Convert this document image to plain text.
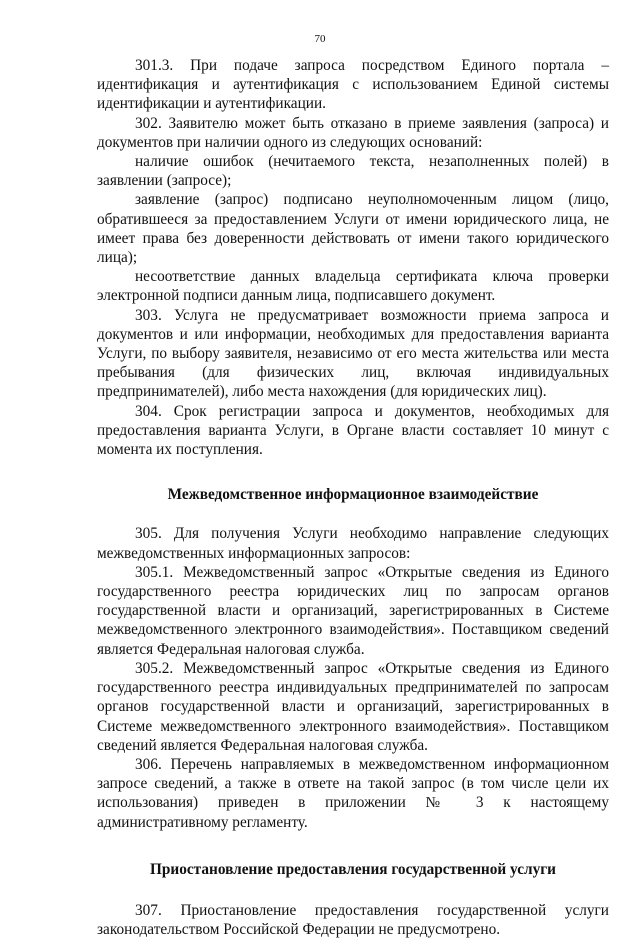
70

301.3. При подаче запроса посредством Единого портала – идентификация и аутентификация с использованием Единой системы идентификации и аутентификации.

302. Заявителю может быть отказано в приеме заявления (запроса) и документов при наличии одного из следующих оснований:

наличие ошибок (нечитаемого текста, незаполненных полей) в заявлении (запросе);

заявление (запрос) подписано неуполномоченным лицом (лицо, обратившееся за предоставлением Услуги от имени юридического лица, не имеет права без доверенности действовать от имени такого юридического лица);

несоответствие данных владельца сертификата ключа проверки электронной подписи данным лица, подписавшего документ.

303. Услуга не предусматривает возможности приема запроса и документов и или информации, необходимых для предоставления варианта Услуги, по выбору заявителя, независимо от его места жительства или места пребывания (для физических лиц, включая индивидуальных предпринимателей), либо места нахождения (для юридических лиц).

304. Срок регистрации запроса и документов, необходимых для предоставления варианта Услуги, в Органе власти составляет 10 минут с момента их поступления.

Межведомственное информационное взаимодействие

305. Для получения Услуги необходимо направление следующих межведомственных информационных запросов:

305.1. Межведомственный запрос «Открытые сведения из Единого государственного реестра юридических лиц по запросам органов государственной власти и организаций, зарегистрированных в Системе межведомственного электронного взаимодействия». Поставщиком сведений является Федеральная налоговая служба.

305.2. Межведомственный запрос «Открытые сведения из Единого государственного реестра индивидуальных предпринимателей по запросам органов государственной власти и организаций, зарегистрированных в Системе межведомственного электронного взаимодействия». Поставщиком сведений является Федеральная налоговая служба.

306. Перечень направляемых в межведомственном информационном запросе сведений, а также в ответе на такой запрос (в том числе цели их использования) приведен в приложении № 3 к настоящему административному регламенту.

Приостановление предоставления государственной услуги

307. Приостановление предоставления государственной услуги законодательством Российской Федерации не предусмотрено.
